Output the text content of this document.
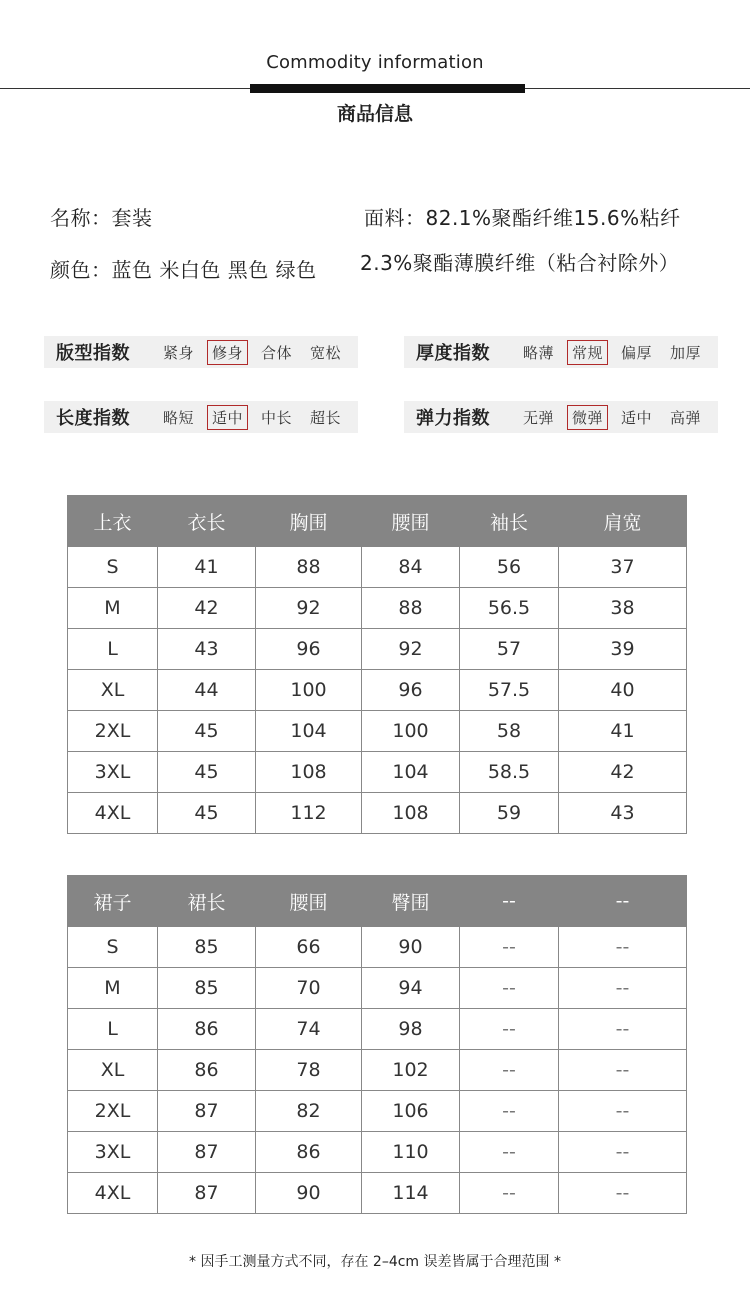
Commodity information
商品信息
名称：套装
颜色：蓝色 米白色 黑色 绿色
面料：82.1%聚酯纤维15.6%粘纤
2.3%聚酯薄膜纤维（粘合衬除外）
版型指数	紧身	修身	合体	宽松	厚度指数	略薄	常规	偏厚	加厚
长度指数	略短	适中	中长	超长	弹力指数	无弹	微弹	适中	高弹
上衣	衣长	胸围	腰围	袖长	肩宽
S	41	88	84	56	37
M	42	92	88	56.5	38
L	43	96	92	57	39
XL	44	100	96	57.5	40
2XL	45	104	100	58	41
3XL	45	108	104	58.5	42
4XL	45	112	108	59	43
裙子	裙长	腰围	臀围	--	--
S	85	66	90	--	--
M	85	70	94	--	--
L	86	74	98	--	--
XL	86	78	102	--	--
2XL	87	82	106	--	--
3XL	87	86	110	--	--
4XL	87	90	114	--	--
* 因手工测量方式不同，存在 2–4cm 误差皆属于合理范围 *
